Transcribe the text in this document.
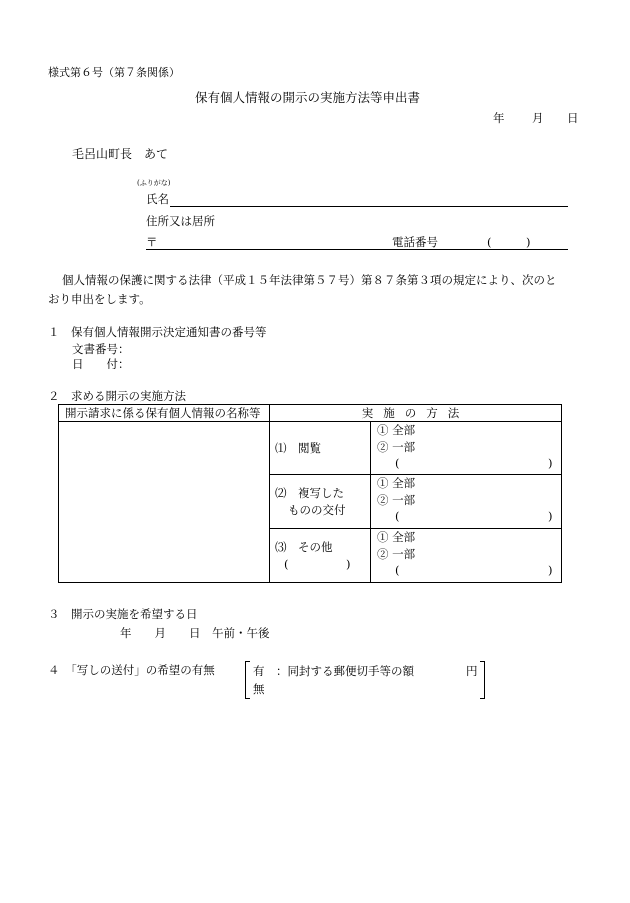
様式第６号（第７条関係）
保有個人情報の開示の実施方法等申出書
年 月 日
毛呂山町長　あて
(ふりがな)
氏名
住所又は居所
〒	電話番号	(　　　)
個人情報の保護に関する法律（平成１５年法律第５７号）第８７条第３項の規定により、次のと
おり申出をします。
１　保有個人情報開示決定通知書の番号等
文書番号：
日　　付：
２　求める開示の実施方法
開示請求に係る保有個人情報の名称等	実施の方法	

	⑴ 閲覧	① 全部
② 一部
( )

	⑵ 複写した
ものの交付	① 全部
② 一部
( )

	⑶ その他
(　　　　　)	① 全部
② 一部
( )
３　開示の実施を希望する日
年　　月　　日　午前・午後
４　「写しの送付」の希望の有無	有　：同封する郵便切手等の額	円
無
